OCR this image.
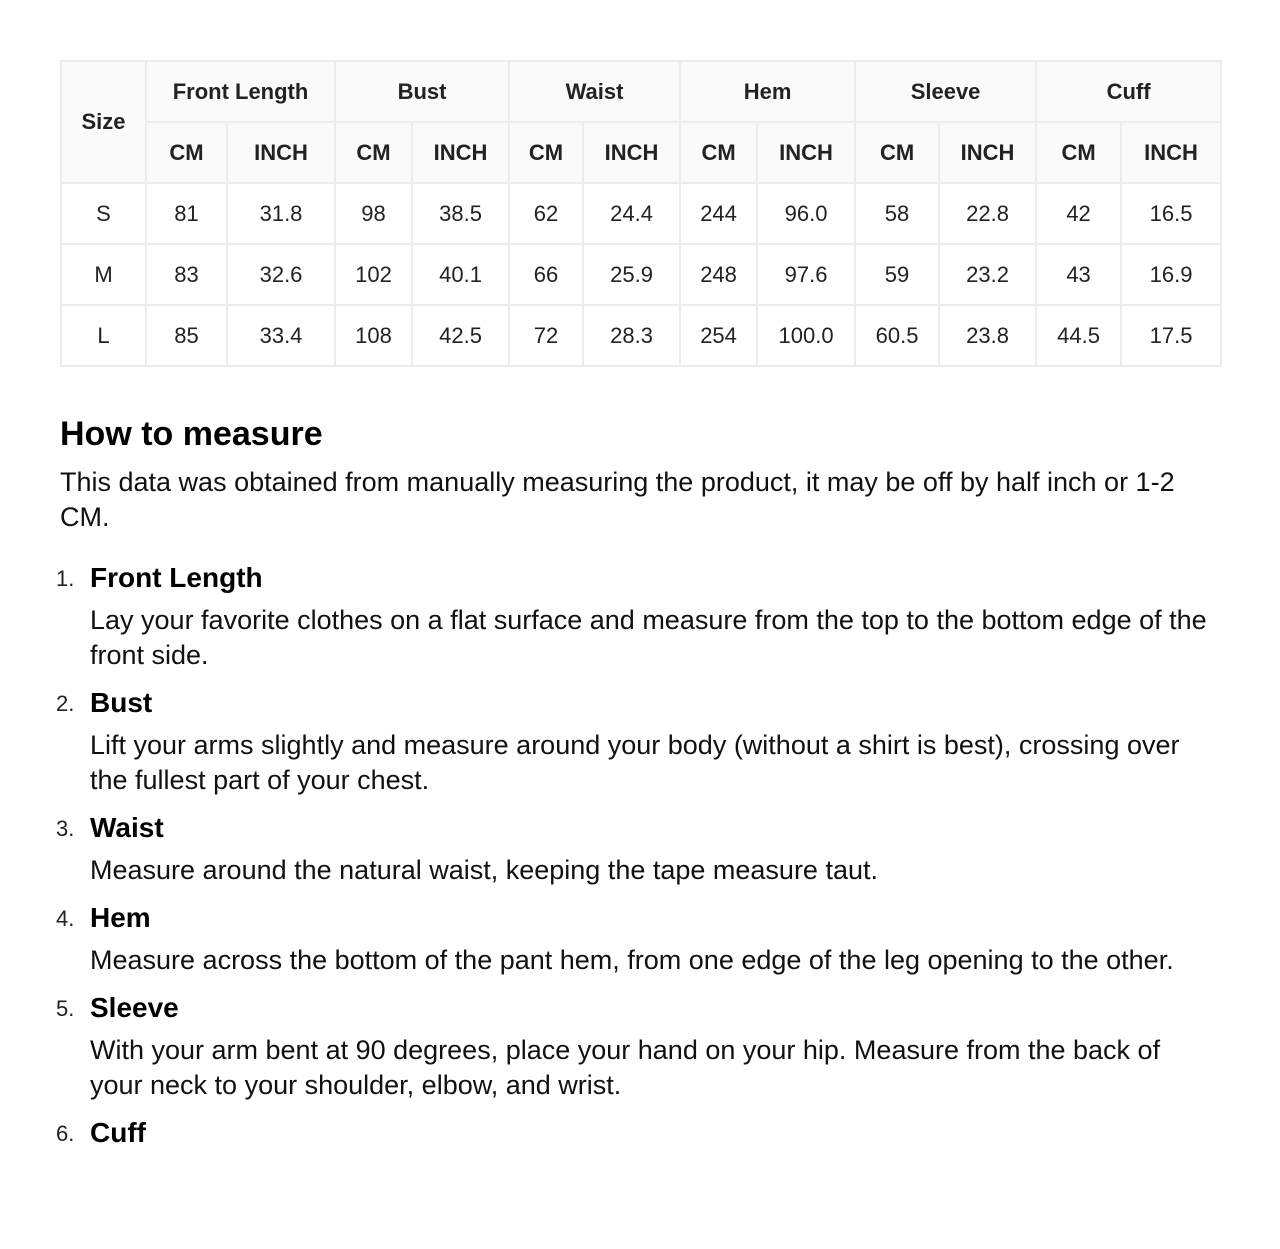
Size	Front Length		Bust		Waist		Hem		Sleeve		Cuff	
	CM	INCH	CM	INCH	CM	INCH	CM	INCH	CM	INCH	CM	INCH
S	81	31.8	98	38.5	62	24.4	244	96.0	58	22.8	42	16.5
M	83	32.6	102	40.1	66	25.9	248	97.6	59	23.2	43	16.9
L	85	33.4	108	42.5	72	28.3	254	100.0	60.5	23.8	44.5	17.5
How to measure

This data was obtained from manually measuring the product, it may be off by half inch or 1-2 CM.

1. Front Length
Lay your favorite clothes on a flat surface and measure from the top to the bottom edge of the front side.
2. Bust
Lift your arms slightly and measure around your body (without a shirt is best), crossing over the fullest part of your chest.
3. Waist
Measure around the natural waist, keeping the tape measure taut.
4. Hem
Measure across the bottom of the pant hem, from one edge of the leg opening to the other.
5. Sleeve
With your arm bent at 90 degrees, place your hand on your hip. Measure from the back of your neck to your shoulder, elbow, and wrist.
6. Cuff
